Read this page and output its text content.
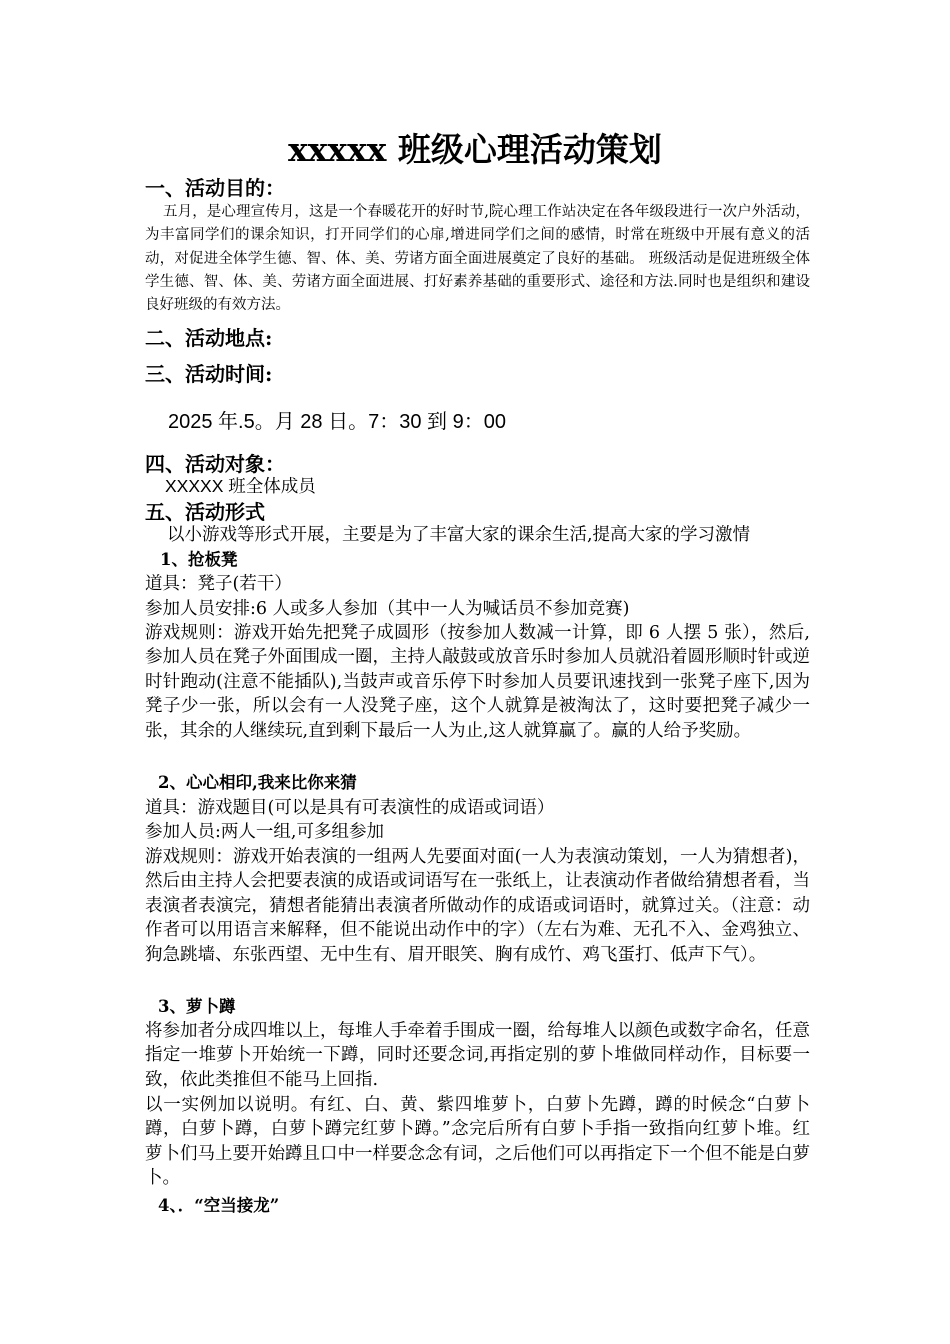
xxxxx 班级心理活动策划
一、活动目的：
五月，是心理宣传月，这是一个春暖花开的好时节,院心理工作站决定在各年级段进行一次户外活动，为丰富同学们的课余知识，打开同学们的心扉,增进同学们之间的感情，时常在班级中开展有意义的活动，对促进全体学生德、智、体、美、劳诸方面全面进展奠定了良好的基础。 班级活动是促进班级全体学生德、智、体、美、劳诸方面全面进展、打好素养基础的重要形式、途径和方法.同时也是组织和建设良好班级的有效方法。
二、活动地点:
三、活动时间:
2025 年.5。月 28 日。7：30 到 9：00
四、活动对象：
XXXXX 班全体成员
五、活动形式
以小游戏等形式开展，主要是为了丰富大家的课余生活,提高大家的学习激情
1、抢板凳
道具：凳子(若干）
参加人员安排:6 人或多人参加（其中一人为喊话员不参加竞赛)
游戏规则：游戏开始先把凳子成圆形（按参加人数减一计算，即 6 人摆 5 张），然后,参加人员在凳子外面围成一圈，主持人敲鼓或放音乐时参加人员就沿着圆形顺时针或逆时针跑动(注意不能插队),当鼓声或音乐停下时参加人员要讯速找到一张凳子座下,因为凳子少一张，所以会有一人没凳子座，这个人就算是被淘汰了，这时要把凳子减少一张，其余的人继续玩,直到剩下最后一人为止,这人就算赢了。赢的人给予奖励。
2、心心相印,我来比你来猜
道具：游戏题目(可以是具有可表演性的成语或词语）
参加人员:两人一组,可多组参加
游戏规则：游戏开始表演的一组两人先要面对面(一人为表演动策划，一人为猜想者)，然后由主持人会把要表演的成语或词语写在一张纸上，让表演动作者做给猜想者看，当表演者表演完，猜想者能猜出表演者所做动作的成语或词语时，就算过关。（注意：动作者可以用语言来解释，但不能说出动作中的字）（左右为难、无孔不入、金鸡独立、狗急跳墙、东张西望、无中生有、眉开眼笑、胸有成竹、鸡飞蛋打、低声下气）。
3、萝卜蹲
将参加者分成四堆以上，每堆人手牵着手围成一圈，给每堆人以颜色或数字命名，任意指定一堆萝卜开始统一下蹲，同时还要念词,再指定别的萝卜堆做同样动作，目标要一致，依此类推但不能马上回指.
以一实例加以说明。有红、白、黄、紫四堆萝卜，白萝卜先蹲，蹲的时候念“白萝卜蹲，白萝卜蹲，白萝卜蹲完红萝卜蹲。”念完后所有白萝卜手指一致指向红萝卜堆。红萝卜们马上要开始蹲且口中一样要念念有词，之后他们可以再指定下一个但不能是白萝卜。
4、．“空当接龙”
